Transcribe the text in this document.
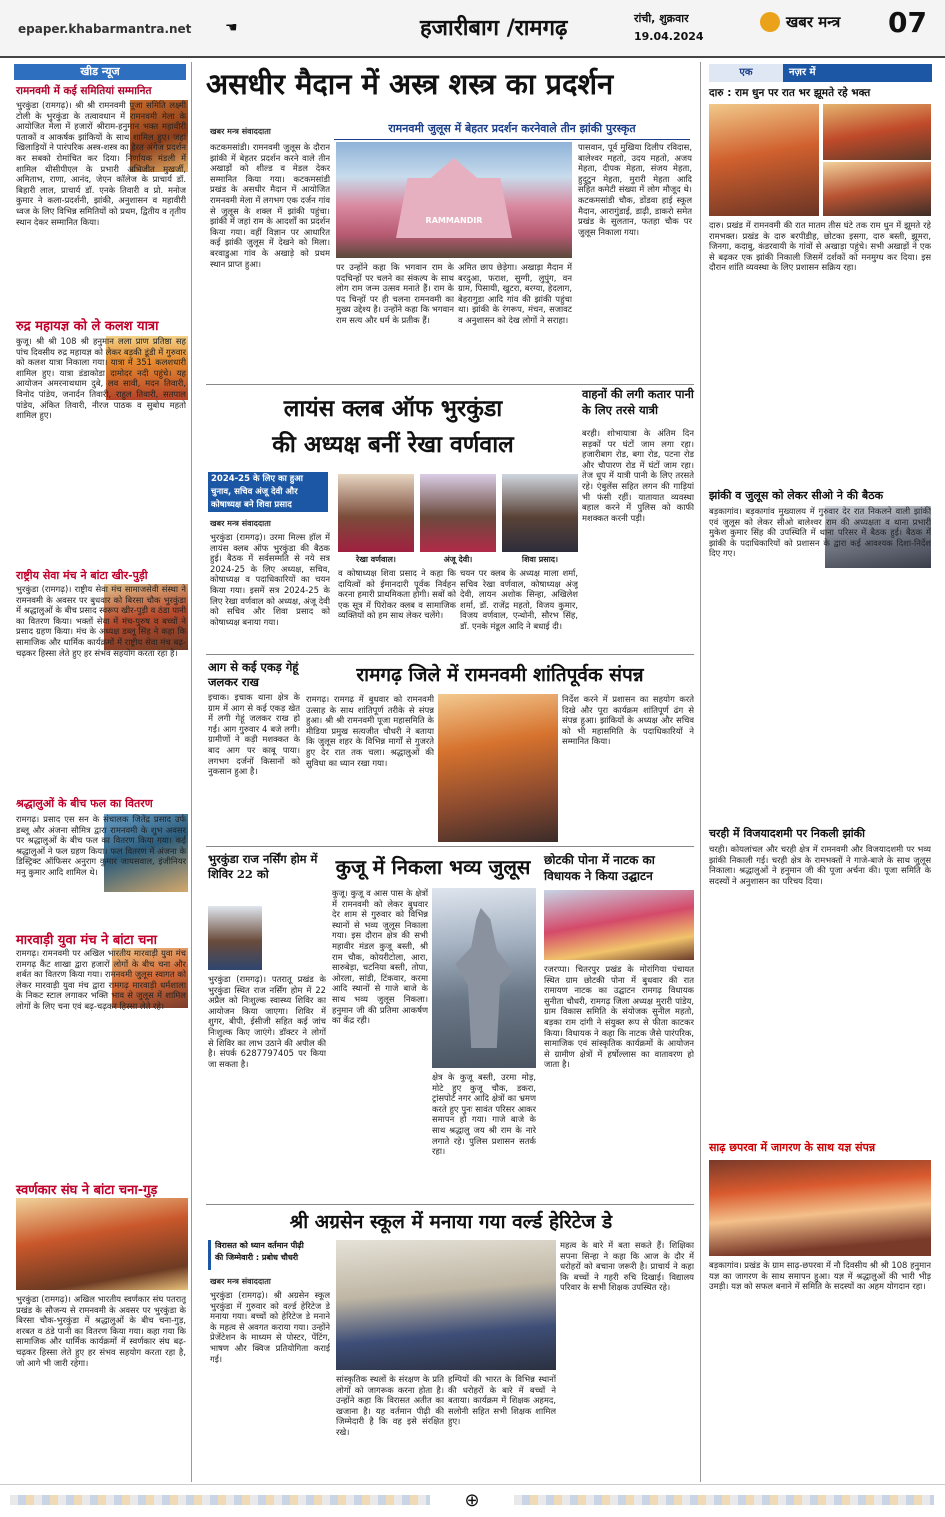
epaper.khabarmantra.net ☚	हजारीबाग /रामगढ़	रांची, शुक्रवार
19.04.2024
खबर मन्त्र 07
खीड न्यूज
रामनवमी में कई समितियां सम्मानित
भुरकुंडा (रामगढ़)। श्री श्री रामनवमी पूजा समिति लक्ष्मी टोली के भुरकुंडा के तत्वावधान में रामनवमी मेला के आयोजित मेला में हजारों श्रीराम-हनुमान भक्त महावीरी पताकों व आकर्षक झांकियों के साथ शामिल हुए। जहां खिलाड़ियों ने पारंपरिक अस्त्र-शस्त्र का हैरत अंगेज प्रदर्शन कर सबको रोमांचित कर दिया। निर्णायक मंडली में शामिल थीसीपीएल के प्रभारी अभिजीत मुखर्जी, अमिताभ, राणा, आनंद, जेएन कॉलेज के प्राचार्य डॉ. बिहारी लाल, प्राचार्य डॉ. एनके तिवारी व प्रो. मनोज कुमार ने कला-प्रदर्शनी, झांकी, अनुशासन व महावीरी ध्वज के लिए विभिन्न समितियों को प्रथम, द्वितीय व तृतीय स्थान देकर सम्मानित किया।
रुद्र महायज्ञ को ले कलश यात्रा
कुजू। श्री श्री 108 श्री हनुमान लला प्राण प्रतिष्ठा सह पांच दिवसीय रुद्र महायज्ञ को लेकर बड़की डूंडी में गुरुवार को कलश यात्रा निकाला गया। यात्रा में 351 कलशधारी शामिल हुए। यात्रा डंडाकोडा दामोदर नदी पहुंचे। यह आयोजन अमरनाथधाम दुबे, लव सावी, मदन तिवारी, विनोद पांडेय, जनार्दन तिवारी, राहुल तिवारी, सतपाल पांडेय, अंकित तिवारी, नीरज पाठक व सुबोध महतो शामिल हुए।
राष्ट्रीय सेवा मंच ने बांटा खीर-पुड़ी
भुरकुंडा (रामगढ़)। राष्ट्रीय सेवा मंच सामाजसेवी संस्था ने रामनवमी के अवसर पर बुधवार को बिरसा चौक भुरकुंडा में श्रद्धालुओं के बीच प्रसाद स्वरूप खीर-पुड़ी व ठंडा पानी का वितरण किया। भक्तों सेवा में मंच-पुरुष व बच्चों ने प्रसाद ग्रहण किया। मंच के अध्यक्ष डब्लू सिंह ने कहा कि सामाजिक और धार्मिक कार्यक्रमों में राष्ट्रीय सेवा मंच बढ़-चढ़कर हिस्सा लेते हुए हर संभव सहयोग करता रहा है।
श्रद्धालुओं के बीच फल का वितरण
रामगढ़। प्रसाद एस सन के संचालक जितेंद्र प्रसाद उर्फ डब्लू और अंजना सौमित्र द्वारा रामनवमी के शुभ अवसर पर श्रद्धालुओं के बीच फल का वितरण किया गया। कई श्रद्धालुओं ने फल ग्रहण किया। फल वितरण में अंजना के डिस्ट्रिक्ट ऑफिसर अनुराग कुमार जायसवाल, इंजीनियर मनु कुमार आदि शामिल थे।
मारवाड़ी युवा मंच ने बांटा चना
रामगढ़। रामनवमी पर अखिल भारतीय मारवाड़ी युवा मंच रामगढ़ कैंट शाखा द्वारा हजारों लोगों के बीच चना और शर्बत का वितरण किया गया। रामनवमी जुलूस स्वागत को लेकर मारवाड़ी युवा मंच द्वारा रामगढ़ मारवाड़ी धर्मशाला के निकट स्टाल लगाकर भक्ति भाव से जुलूस में शामिल लोगों के लिए चना एवं बढ़-चढ़कर हिस्सा लेते रहे।
स्वर्णकार संघ ने बांटा चना-गुड़
भुरकुंडा (रामगढ़)। अखिल भारतीय स्वर्णकार संघ पतरातू प्रखंड के सौजन्य से रामनवमी के अवसर पर भुरकुंडा के बिरसा चौक-भुरकुंडा में श्रद्धालुओं के बीच चना-गुड़, शरबत व ठंडे पानी का वितरण किया गया। कहा गया कि सामाजिक और धार्मिक कार्यक्रमों में स्वर्णकार संघ बढ़-चढ़कर हिस्सा लेते हुए हर संभव सहयोग करता रहा है, जो आगे भी जारी रहेगा।
असधीर मैदान में अस्त्र शस्त्र का प्रदर्शन
खबर मन्त्र संवाददाता	रामनवमी जुलूस में बेहतर प्रदर्शन करनेवाले तीन झांकी पुरस्कृत
कटकमसांडी। रामनवमी जुलूस के दौरान झांकी में बेहतर प्रदर्शन करने वाले तीन अखाड़ों को शील्ड व मेडल देकर सम्मानित किया गया। कटकमसांडी प्रखंड के असधीर मैदान में आयोजित रामनवमी मेला में लगभग एक दर्जन गांव से जुलूस के शक्ल में झांकी पहुंचा। झांकी में जहां राम के आदर्शों का प्रदर्शन किया गया। वहीं विज्ञान पर आधारित कई झांकी जुलूस में देखने को मिला। बरवाडुआ गांव के अखाड़े को प्रथम स्थान प्राप्त हुआ।
RAMMANDIR
पर उन्होंने कहा कि भगवान राम के पदचिन्हों पर चलने का संकल्प के साथ लोग राम जन्म उत्सव मनाते हैं। राम के पद चिन्हों पर ही चलना रामनवमी का मुख्य उद्देश्य है। उन्होंने कहा कि भगवान राम सत्य और धर्म के प्रतीक हैं।
अमित छाप छेड़ेगा। अखाड़ा मैदान में बरदुआ, फराश, सुग्गी, लुपुंग, वन ग्राम, पिसायी, खुटरा, बरग्या, हेदलाग, बेहरागुडा आदि गांव की झांकी पहुंचा था। झांकी के रंगरूप, मंचन, सजावट व अनुशासन को देख लोगों ने सराहा।
पासवान, पूर्व मुखिया दिलीप रविदास, बालेश्वर महतो, उदय महतो, अजय मेहता, दीपक मेहता, संजय मेहता, हुदुटुन मेहता, मुरारी मेहता आदि सहित कमेटी संख्या में लोग मौजूद थे। कटकमसांडी चौक, डोंडवा हाई स्कूल मैदान, आरागुंडाई, डाढ़ी, डाकरो समेत प्रखंड के सुलतान, फतहा चौक पर जुलूस निकाला गया।
वाहनों की लगी कतार पानी के लिए तरसे यात्री
बरही। शोभायात्रा के अंतिम दिन सड़कों पर घंटों जाम लगा रहा। हजारीबाग रोड, बगा रोड, पटना रोड और चौपारण रोड में घंटों जाम रहा। तेज धूप में यात्री पानी के लिए तरसते रहे। एंबुलेंस सहित लगन की गाड़ियां भी फंसी रहीं। यातायात व्यवस्था बहाल करने में पुलिस को काफी मशक्कत करनी पड़ी।
लायंस क्लब ऑफ भुरकुंडा
की अध्यक्ष बनीं रेखा वर्णवाल
2024-25 के लिए का हुआ चुनाव, सचिव अंजू देवी और कोषाध्यक्ष बने शिवा प्रसाद
खबर मन्त्र संवाददाता
भुरकुंडा (रामगढ़)। उरमा मिल्स हॉल में लायंस क्लब ऑफ भुरकुंडा की बैठक हुई। बैठक में सर्वसम्मति से नये सत्र 2024-25 के लिए अध्यक्ष, सचिव, कोषाध्यक्ष व पदाधिकारियों का चयन किया गया। इसमें सत्र 2024-25 के लिए रेखा वर्णवाल को अध्यक्ष, अंजू देवी को सचिव और शिवा प्रसाद को कोषाध्यक्ष बनाया गया।
रेखा वर्णवाल।	अंजू देवी।	शिवा प्रसाद।
व कोषाध्यक्ष शिवा प्रसाद ने कहा कि दायित्वों को ईमानदारी पूर्वक निर्वहन करना हमारी प्राथमिकता होगी। सबों को एक सूत्र में पिरोकर क्लब व सामाजिक व्यक्तियों को हम साथ लेकर चलेंगे।
चयन पर क्लब के अध्यक्ष माला शर्मा, सचिव रेखा वर्णवाल, कोषाध्यक्ष अंजू देवी, लायन अशोक सिन्हा, अखिलेश शर्मा, डॉ. राजेंद्र महतो, विजय कुमार, विजय वर्णवाल, एन्थोनी, सौरभ सिंह, डॉ. एनके मंडूल आदि ने बधाई दी।
आग से कई एकड़ गेहूं जलकर राख
इचाक। इचाक थाना क्षेत्र के ग्राम में आग से कई एकड़ खेत में लगी गेहूं जलकर राख हो गई। आग गुरुवार 4 बजे लगी। ग्रामीणों ने कड़ी मशक्कत के बाद आग पर काबू पाया। लगभग दर्जनों किसानों को नुकसान हुआ है।
रामगढ़ जिले में रामनवमी शांतिपूर्वक संपन्न
रामगढ़। रामगढ़ में बुधवार को रामनवमी उत्साह के साथ शांतिपूर्ण तरीके से संपन्न हुआ। श्री श्री रामनवमी पूजा महासमिति के मीडिया प्रमुख सत्यजीत चौधरी ने बताया कि जुलूस शहर के विभिन्न मार्गों से गुजरते हुए देर रात तक चला। श्रद्धालुओं की सुविधा का ध्यान रखा गया।
निर्देश करने में प्रशासन का सहयोग करते दिखे और पूरा कार्यक्रम शांतिपूर्ण ढंग से संपन्न हुआ। झांकियों के अध्यक्ष और सचिव को भी महासमिति के पदाधिकारियों ने सम्मानित किया।
भुरकुंडा राज नर्सिंग होम में शिविर 22 को
भुरकुंडा (रामगढ़)। पतरातू प्रखंड के भुरकुंडा स्थित राज नर्सिंग होम में 22 अप्रैल को निःशुल्क स्वास्थ्य शिविर का आयोजन किया जाएगा। शिविर में शुगर, बीपी, ईसीजी सहित कई जांच निःशुल्क किए जाएंगे। डॉक्टर ने लोगों से शिविर का लाभ उठाने की अपील की है। संपर्क 6287797405 पर किया जा सकता है।
कुजू में निकला भव्य जुलूस
कुजू। कुजू व आस पास के क्षेत्रों में रामनवमी को लेकर बुधवार देर शाम से गुरुवार को विभिन्न स्थानों से भव्य जुलूस निकाला गया। इस दौरान क्षेत्र की सभी महावीर मंडल कुजू बस्ती, श्री राम चौक, कोयरीटोला, आरा, सारुबेड़ा, चटनिया बस्ती, तोपा, ओरला, सांडी, टिंकवार, करमा आदि स्थानों से गाजे बाजे के साथ भव्य जुलूस निकला। हनुमान जी की प्रतिमा आकर्षण का केंद्र रही।
क्षेत्र के कुजू बस्ती, उरमा मोड़, मोटे हुए कुजू चौक, डकरा, ट्रांसपोर्ट नगर आदि क्षेत्रों का भ्रमण करते हुए पुनः सावंत परिसर आकर समापन हो गया। गाजे बाजे के साथ श्रद्धालु जय श्री राम के नारे लगाते रहे। पुलिस प्रशासन सतर्क रहा।
छोटकी पोना में नाटक का विधायक ने किया उद्घाटन
रजरप्पा। चितरपुर प्रखंड के मोरांगिया पंचायत स्थित ग्राम छोटकी पोना में बुधवार की रात रामायण नाटक का उद्घाटन रामगढ़ विधायक सुनीता चौधरी, रामगढ़ जिला अध्यक्ष मुरारी पांडेय, ग्राम विकास समिति के संयोजक सुनील महतो, बड़का राम दांगी ने संयुक्त रूप से फीता काटकर किया। विधायक ने कहा कि नाटक जैसे पारंपरिक, सामाजिक एवं सांस्कृतिक कार्यक्रमों के आयोजन से ग्रामीण क्षेत्रों में हर्षोल्लास का वातावरण हो जाता है।
श्री अग्रसेन स्कूल में मनाया गया वर्ल्ड हेरिटेज डे
विरासत को ध्यान वर्तमान पीढ़ी
की जिम्मेवारी : प्रबोध चौधरी
खबर मन्त्र संवाददाता
भुरकुंडा (रामगढ़)। श्री अग्रसेन स्कूल भुरकुंडा में गुरुवार को वर्ल्ड हेरिटेज डे मनाया गया। बच्चों को हेरिटेज डे मनाने के महत्व से अवगत कराया गया। उन्होंने प्रेजेंटेशन के माध्यम से पोस्टर, पेंटिंग, भाषण और क्विज प्रतियोगिता कराई गई।
सांस्कृतिक स्थलों के संरक्षण के प्रति लोगों को जागरूक करना होता है। उन्होंने कहा कि विरासत अतीत का खजाना है। यह वर्तमान पीढ़ी की जिम्मेदारी है कि वह इसे संरक्षित रखे।
हम्पियों की भारत के विभिन्न स्थानों की धरोहरों के बारे में बच्चों ने बताया। कार्यक्रम में शिक्षक अहमद, सलोनी सहित सभी शिक्षक शामिल हुए।
महत्व के बारे में बता सकते हैं। शिक्षिका सपना सिन्हा ने कहा कि आज के दौर में धरोहरों को बचाना जरूरी है। प्राचार्य ने कहा कि बच्चों ने गहरी रुचि दिखाई। विद्यालय परिवार के सभी शिक्षक उपस्थित रहे।
एक	नज़र में
दारु : राम धुन पर रात भर झूमते रहे भक्त
दारु। प्रखंड में रामनवमी की रात मातम तीस घंटे तक राम धुन में झूमते रहे रामभक्त। प्रखंड के दारु बरपीडीह, छोटका इसगा, दारु बस्ती, झूमरा, जिनगा, कदाबु, कंडरवायी के गांवों से अखाड़ा पहुंचे। सभी अखाड़ों ने एक से बढ़कर एक झांकी निकाली जिसमें दर्शकों को मनमुग्ध कर दिया। इस दौरान शांति व्यवस्था के लिए प्रशासन सक्रिय रहा।
झांकी व जुलूस को लेकर सीओ ने की बैठक
बड़कागांव। बड़कागांव मुख्यालय में गुरुवार देर रात निकलने वाली झांकी एवं जुलूस को लेकर सीओ बालेश्वर राम की अध्यक्षता व थाना प्रभारी मुकेश कुमार सिंह की उपस्थिति में थाना परिसर में बैठक हुई। बैठक में झांकी के पदाधिकारियों को प्रशासन के द्वारा कई आवश्यक दिशा-निर्देश दिए गए।
चरही में विजयादशमी पर निकली झांकी
चरही। कोयलांचल और चरही क्षेत्र में रामनवमी और विजयादशमी पर भव्य झांकी निकाली गई। चरही क्षेत्र के रामभक्तों ने गाजे-बाजे के साथ जुलूस निकाला। श्रद्धालुओं ने हनुमान जी की पूजा अर्चना की। पूजा समिति के सदस्यों ने अनुशासन का परिचय दिया।
साढ़ छपरवा में जागरण के साथ यज्ञ संपन्न
बड़कागांव। प्रखंड के ग्राम साढ़-छपरवा में नौ दिवसीय श्री श्री 108 हनुमान यज्ञ का जागरण के साथ समापन हुआ। यज्ञ में श्रद्धालुओं की भारी भीड़ उमड़ी। यज्ञ को सफल बनाने में समिति के सदस्यों का अहम योगदान रहा।
⊕
